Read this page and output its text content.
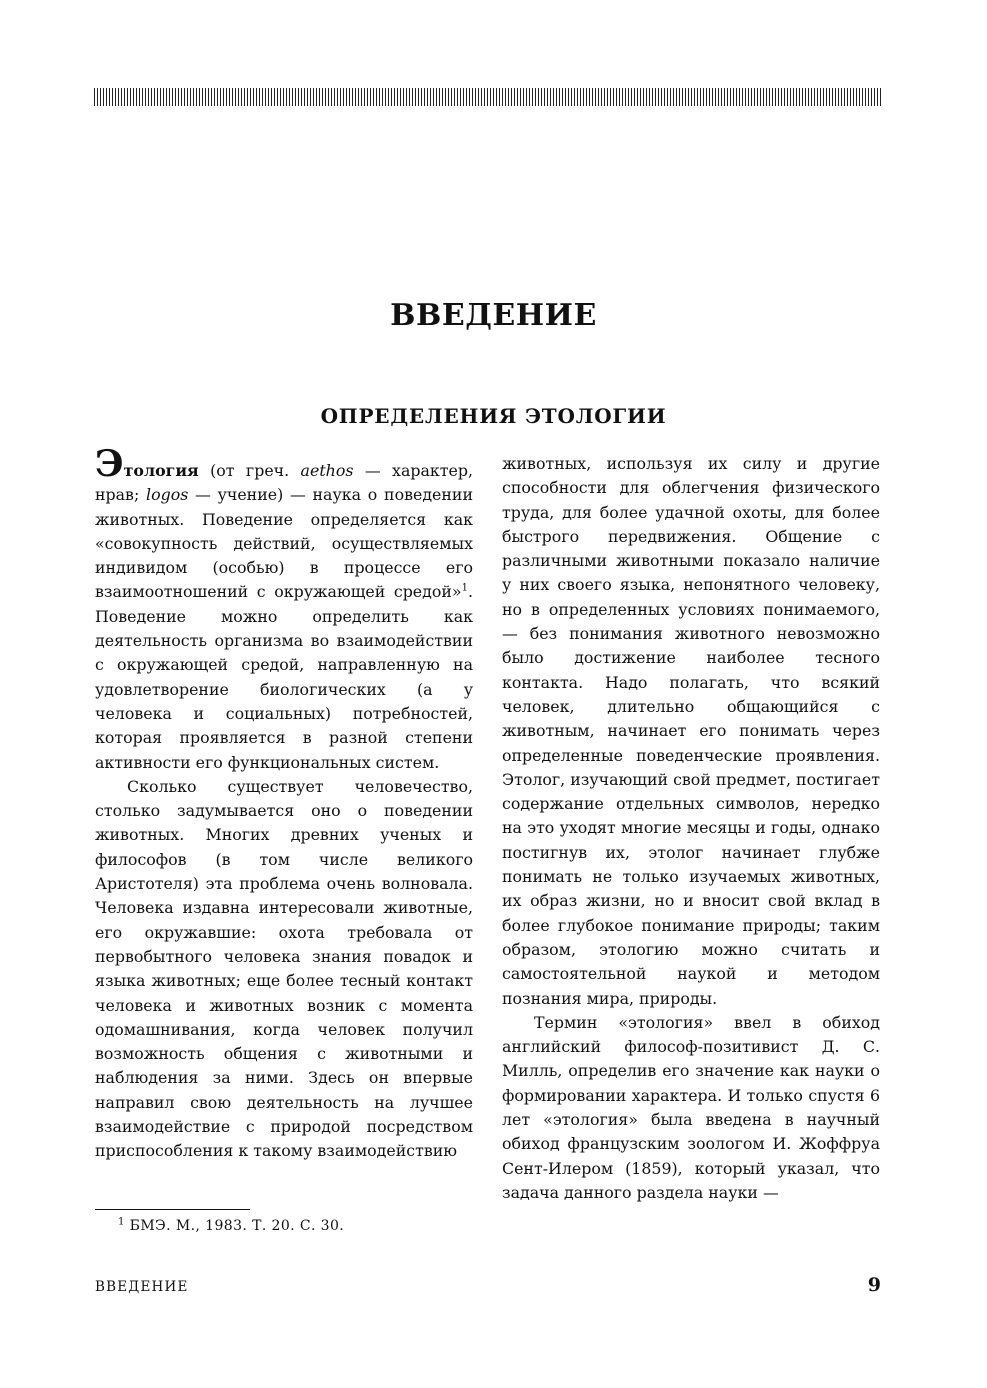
ВВЕДЕНИЕ
ОПРЕДЕЛЕНИЯ ЭТОЛОГИИ

Этология (от греч. aethos — характер, нрав; logos — учение) — наука о поведении животных. Поведение определяется как «совокупность действий, осуществляемых индивидом (особью) в процессе его взаимоотношений с окружающей средой»$^1$. Поведение можно определить как деятельность организма во взаимодействии с окружающей средой, направленную на удовлетворение биологических (а у человека и социальных) потребностей, которая проявляется в разной степени активности его функциональных систем.

Сколько существует человечество, столько задумывается оно о поведении животных. Многих древних ученых и философов (в том числе великого Аристотеля) эта проблема очень волновала. Человека издавна интересовали животные, его окружавшие: охота требовала от первобытного человека знания повадок и языка животных; еще более тесный контакт человека и животных возник с момента одомашнивания, когда человек получил возможность общения с животными и наблюдения за ними. Здесь он впервые направил свою деятельность на лучшее взаимодействие с природой посредством приспособления к такому взаимодействию

животных, используя их силу и другие способности для облегчения физического труда, для более удачной охоты, для более быстрого передвижения. Общение с различными животными показало наличие у них своего языка, непонятного человеку, но в определенных условиях понимаемого, — без понимания животного невозможно было достижение наиболее тесного контакта. Надо полагать, что всякий человек, длительно общающийся с животным, начинает его понимать через определенные поведенческие проявления. Этолог, изучающий свой предмет, постигает содержание отдельных символов, нередко на это уходят многие месяцы и годы, однако постигнув их, этолог начинает глубже понимать не только изучаемых животных, их образ жизни, но и вносит свой вклад в более глубокое понимание природы; таким образом, этологию можно считать и самостоятельной наукой и методом познания мира, природы.

Термин «этология» ввел в обиход английский философ-позитивист Д. С. Милль, определив его значение как науки о формировании характера. И только спустя 6 лет «этология» была введена в научный обиход французским зоологом И. Жоффруа Сент-Илером (1859), который указал, что задача данного раздела науки —

$^1$ БМЭ. М., 1983. Т. 20. С. 30.
ВВЕДЕНИЕ	9
